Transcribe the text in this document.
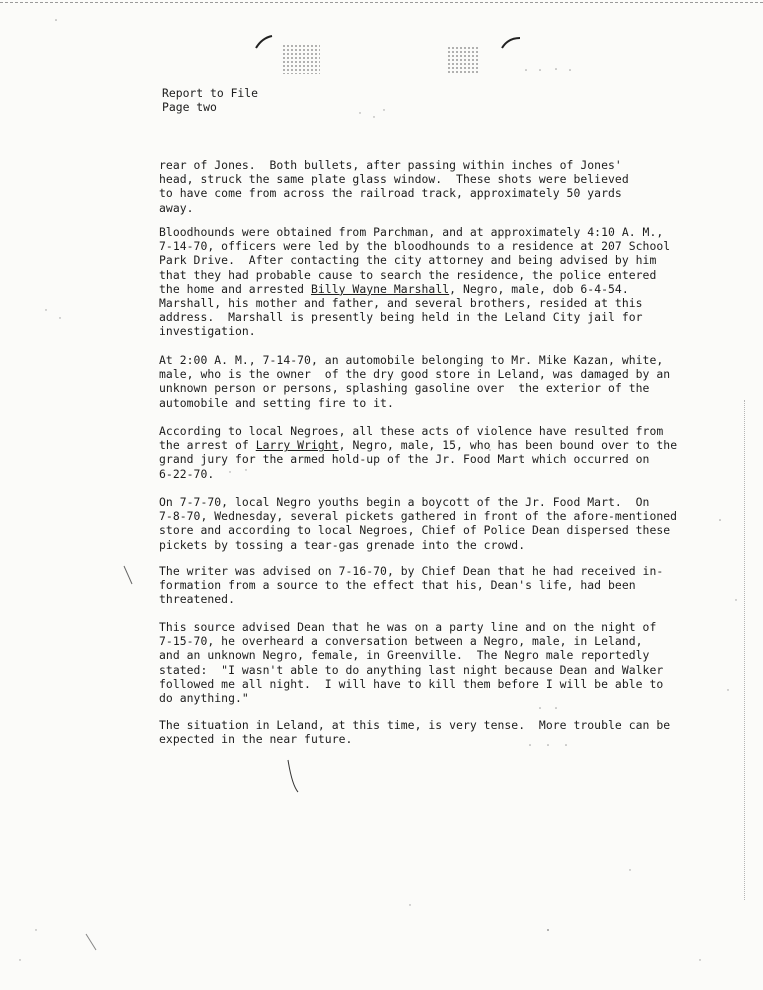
Report to File
Page two
rear of Jones.  Both bullets, after passing within inches of Jones'
head, struck the same plate glass window.  These shots were believed
to have come from across the railroad track, approximately 50 yards
away.
Bloodhounds were obtained from Parchman, and at approximately 4:10 A. M.,
7-14-70, officers were led by the bloodhounds to a residence at 207 School
Park Drive.  After contacting the city attorney and being advised by him
that they had probable cause to search the residence, the police entered
the home and arrested Billy Wayne Marshall, Negro, male, dob 6-4-54.
Marshall, his mother and father, and several brothers, resided at this
address.  Marshall is presently being held in the Leland City jail for
investigation.
At 2:00 A. M., 7-14-70, an automobile belonging to Mr. Mike Kazan, white,
male, who is the owner  of the dry good store in Leland, was damaged by an
unknown person or persons, splashing gasoline over  the exterior of the
automobile and setting fire to it.
According to local Negroes, all these acts of violence have resulted from
the arrest of Larry Wright, Negro, male, 15, who has been bound over to the
grand jury for the armed hold-up of the Jr. Food Mart which occurred on
6-22-70.
On 7-7-70, local Negro youths begin a boycott of the Jr. Food Mart.  On
7-8-70, Wednesday, several pickets gathered in front of the afore-mentioned
store and according to local Negroes, Chief of Police Dean dispersed these
pickets by tossing a tear-gas grenade into the crowd.
The writer was advised on 7-16-70, by Chief Dean that he had received in-
formation from a source to the effect that his, Dean's life, had been
threatened.
This source advised Dean that he was on a party line and on the night of
7-15-70, he overheard a conversation between a Negro, male, in Leland,
and an unknown Negro, female, in Greenville.  The Negro male reportedly
stated:  "I wasn't able to do anything last night because Dean and Walker
followed me all night.  I will have to kill them before I will be able to
do anything."
The situation in Leland, at this time, is very tense.  More trouble can be
expected in the near future.
